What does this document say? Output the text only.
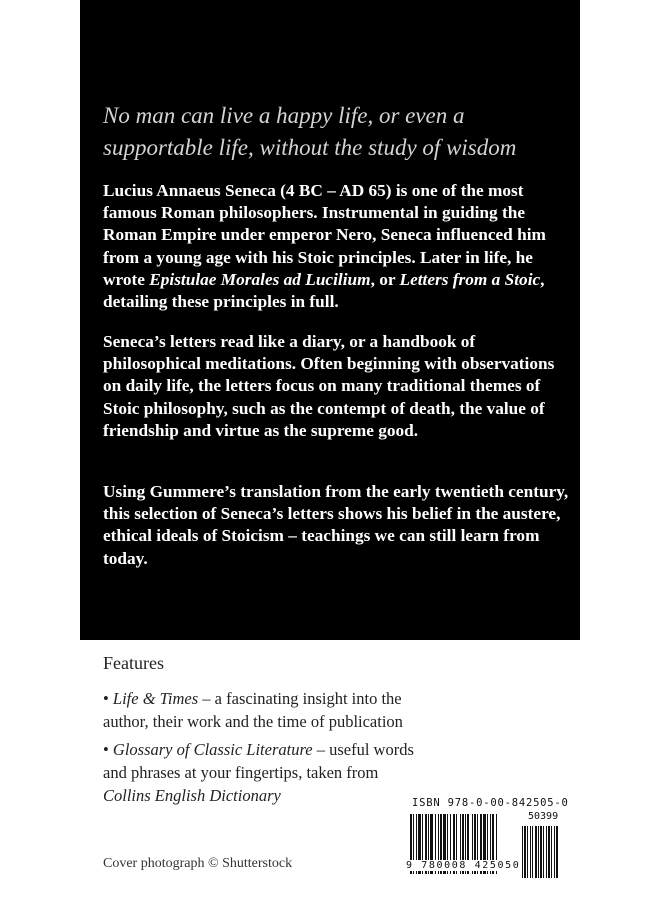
No man can live a happy life, or even a
supportable life, without the study of wisdom

Lucius Annaeus Seneca (4 BC – AD 65) is one of the most famous Roman philosophers. Instrumental in guiding the Roman Empire under emperor Nero, Seneca influenced him from a young age with his Stoic principles. Later in life, he wrote Epistulae Morales ad Lucilium, or Letters from a Stoic, detailing these principles in full.

Seneca’s letters read like a diary, or a handbook of philosophical meditations. Often beginning with observations on daily life, the letters focus on many traditional themes of Stoic philosophy, such as the contempt of death, the value of friendship and virtue as the supreme good.

Using Gummere’s translation from the early twentieth century, this selection of Seneca’s letters shows his belief in the austere, ethical ideals of Stoicism – teachings we can still learn from today.

Features

• Life & Times – a fascinating insight into the author, their work and the time of publication

• Glossary of Classic Literature – useful words and phrases at your fingertips, taken from Collins English Dictionary

Cover photograph © Shutterstock

ISBN 978-0-00-842505-0

50399

9 780008 425050
